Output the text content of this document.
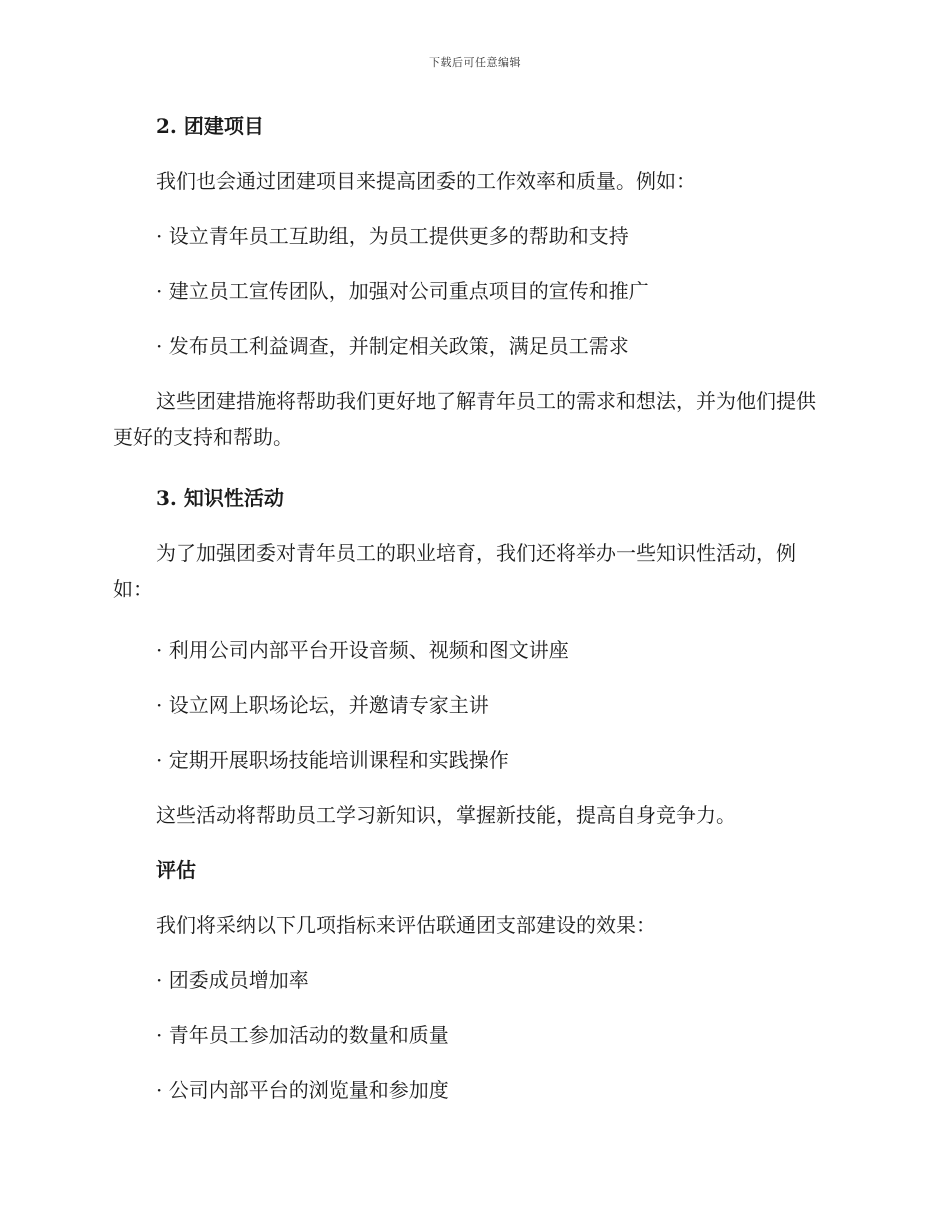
下载后可任意编辑
2. 团建项目
我们也会通过团建项目来提高团委的工作效率和质量。例如：
· 设立青年员工互助组，为员工提供更多的帮助和支持
· 建立员工宣传团队，加强对公司重点项目的宣传和推广
· 发布员工利益调查，并制定相关政策，满足员工需求
这些团建措施将帮助我们更好地了解青年员工的需求和想法，并为他们提供更好的支持和帮助。
3. 知识性活动
为了加强团委对青年员工的职业培育，我们还将举办一些知识性活动，例如：
· 利用公司内部平台开设音频、视频和图文讲座
· 设立网上职场论坛，并邀请专家主讲
· 定期开展职场技能培训课程和实践操作
这些活动将帮助员工学习新知识，掌握新技能，提高自身竞争力。
评估
我们将采纳以下几项指标来评估联通团支部建设的效果：
· 团委成员增加率
· 青年员工参加活动的数量和质量
· 公司内部平台的浏览量和参加度
